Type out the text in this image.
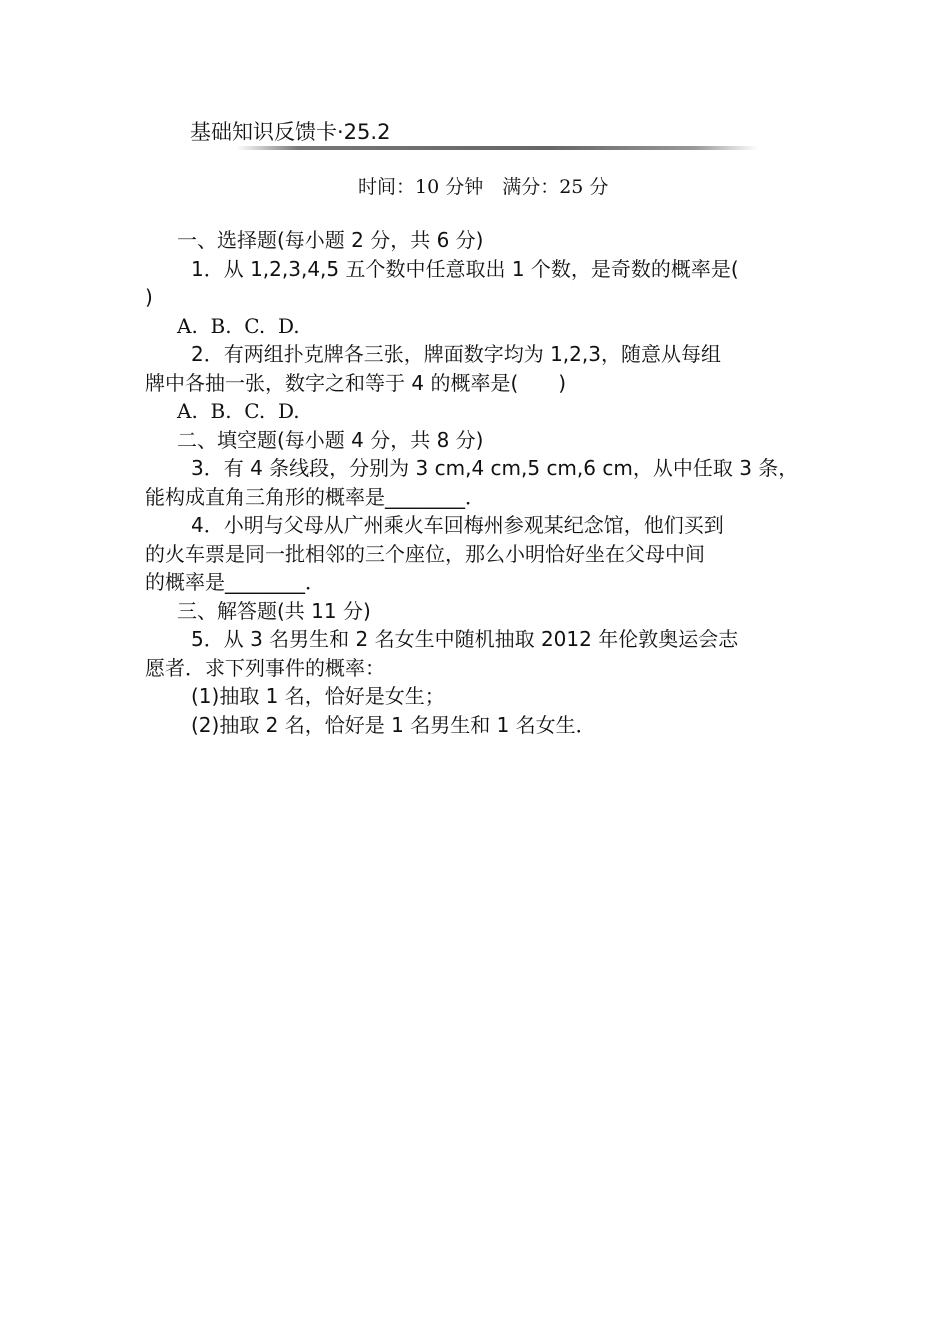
基础知识反馈卡·25.2
时间：10 分钟　满分：25 分
一、选择题(每小题 2 分，共 6 分)
1．从 1,2,3,4,5 五个数中任意取出 1 个数，是奇数的概率是(
)
A.  B.  C.  D.
2．有两组扑克牌各三张，牌面数字均为 1,2,3，随意从每组
牌中各抽一张，数字之和等于 4 的概率是(　　)
A.  B.  C.  D.
二、填空题(每小题 4 分，共 8 分)
3．有 4 条线段，分别为 3 cm,4 cm,5 cm,6 cm，从中任取 3 条，
能构成直角三角形的概率是________．
4．小明与父母从广州乘火车回梅州参观某纪念馆，他们买到
的火车票是同一批相邻的三个座位，那么小明恰好坐在父母中间
的概率是________．
三、解答题(共 11 分)
5．从 3 名男生和 2 名女生中随机抽取 2012 年伦敦奥运会志
愿者．求下列事件的概率：
(1)抽取 1 名，恰好是女生；
(2)抽取 2 名，恰好是 1 名男生和 1 名女生．
